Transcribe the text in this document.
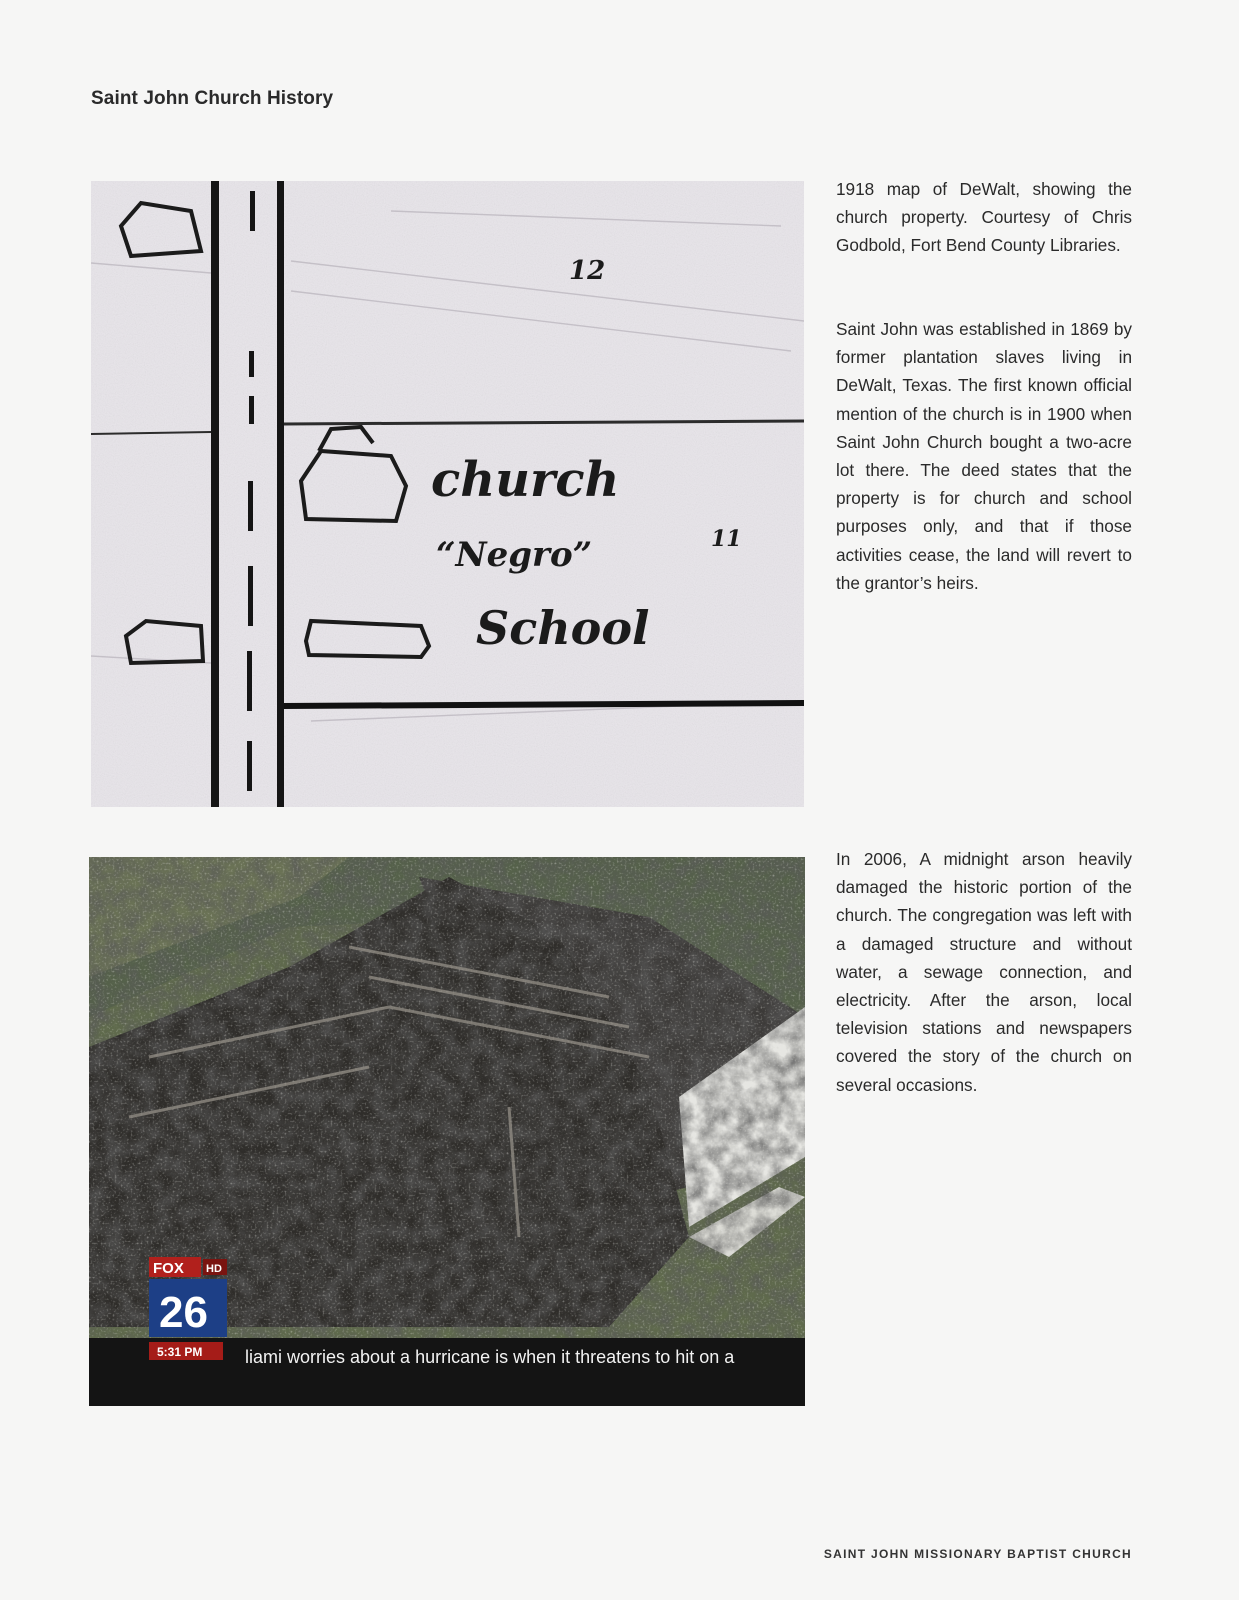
Saint John Church History
church
“Negro”
School
12
11
1918 map of DeWalt, showing the church property. Courtesy of Chris Godbold, Fort Bend County Libraries.
Saint John was established in 1869 by former plantation slaves living in DeWalt, Texas. The first known official mention of the church is in 1900 when Saint John Church bought a two-acre lot there. The deed states that the property is for church and school purposes only, and that if those activities cease, the land will revert to the grantor’s heirs.
FOX HD
26
5:31 PM liami worries about a hurricane is when it threatens to hit on a
In 2006, A midnight arson heavily damaged the historic portion of the church. The congregation was left with a damaged structure and without water, a sewage connection, and electricity. After the arson, local television stations and newspapers covered the story of the church on several occasions.
SAINT JOHN MISSIONARY BAPTIST CHURCH
